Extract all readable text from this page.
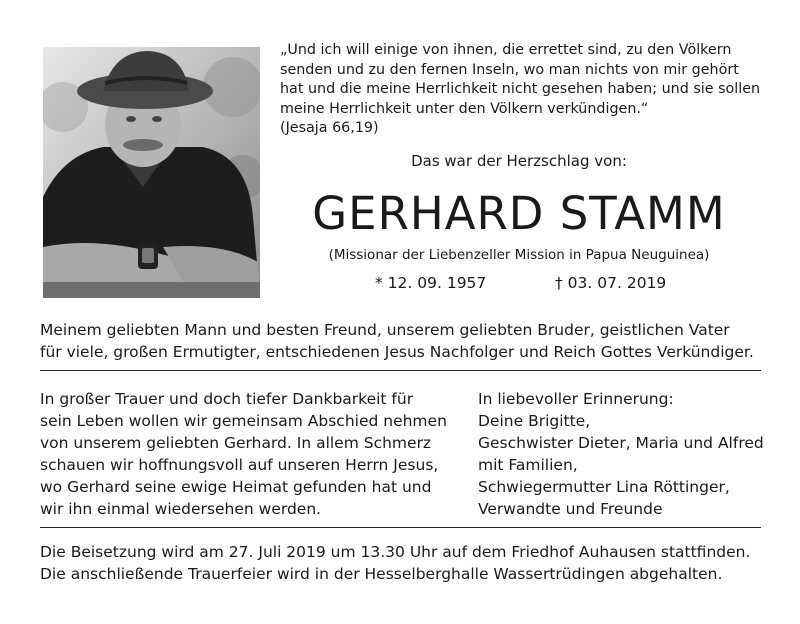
„Und ich will einige von ihnen, die errettet sind, zu den Völkern
senden und zu den fernen Inseln, wo man nichts von mir gehört
hat und die meine Herrlichkeit nicht gesehen haben; und sie sollen
meine Herrlichkeit unter den Völkern verkündigen.“
(Jesaja 66,19)
Das war der Herzschlag von:
GERHARD STAMM
(Missionar der Liebenzeller Mission in Papua Neuguinea)
* 12. 09. 1957	† 03. 07. 2019
Meinem geliebten Mann und besten Freund, unserem geliebten Bruder, geistlichen Vater
für viele, großen Ermutigter, entschiedenen Jesus Nachfolger und Reich Gottes Verkündiger.
In großer Trauer und doch tiefer Dankbarkeit für
sein Leben wollen wir gemeinsam Abschied nehmen
von unserem geliebten Gerhard. In allem Schmerz
schauen wir hoffnungsvoll auf unseren Herrn Jesus,
wo Gerhard seine ewige Heimat gefunden hat und
wir ihn einmal wiedersehen werden.
In liebevoller Erinnerung:
Deine Brigitte,
Geschwister Dieter, Maria und Alfred
mit Familien,
Schwiegermutter Lina Röttinger,
Verwandte und Freunde
Die Beisetzung wird am 27. Juli 2019 um 13.30 Uhr auf dem Friedhof Auhausen stattfinden.
Die anschließende Trauerfeier wird in der Hesselberghalle Wassertrüdingen abgehalten.
